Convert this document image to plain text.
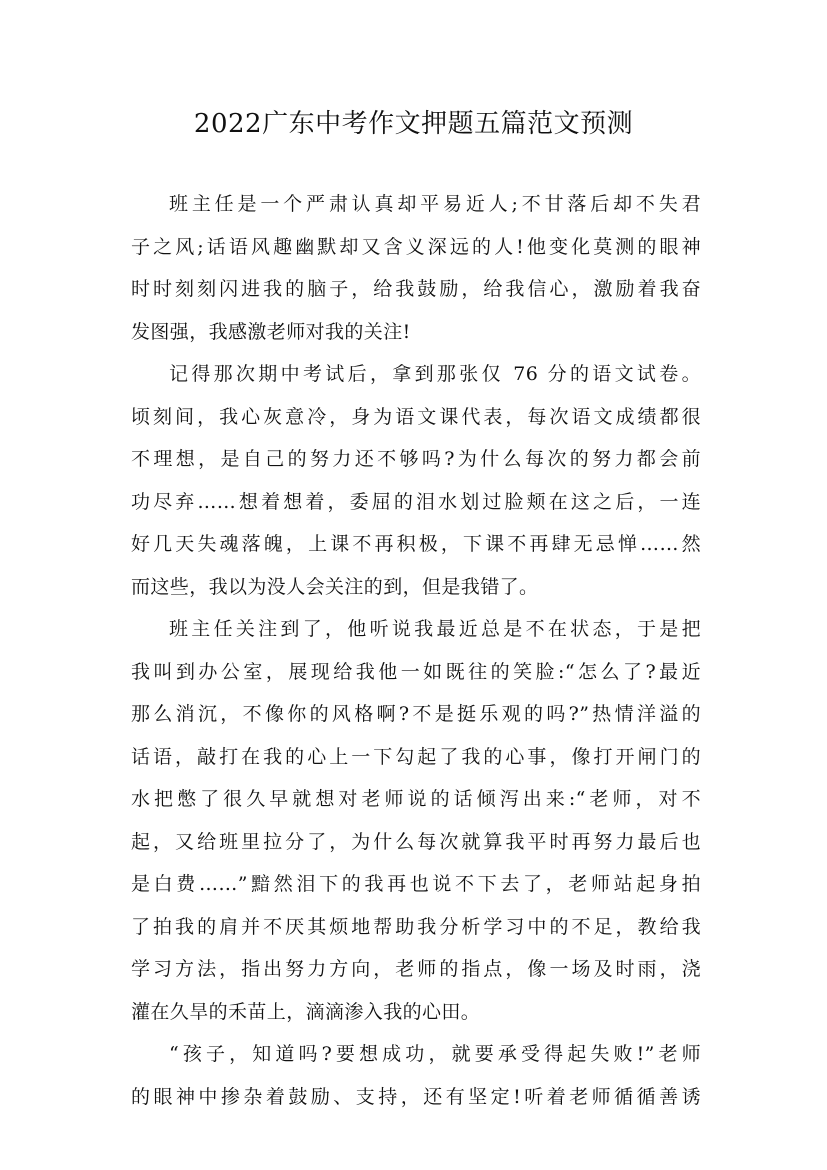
2022广东中考作文押题五篇范文预测
班主任是一个严肃认真却平易近人;不甘落后却不失君
子之风;话语风趣幽默却又含义深远的人!他变化莫测的眼神
时时刻刻闪进我的脑子，给我鼓励，给我信心，激励着我奋
发图强，我感激老师对我的关注!
记得那次期中考试后，拿到那张仅 76 分的语文试卷。
顷刻间，我心灰意冷，身为语文课代表，每次语文成绩都很
不理想，是自己的努力还不够吗?为什么每次的努力都会前
功尽弃……想着想着，委屈的泪水划过脸颊在这之后，一连
好几天失魂落魄，上课不再积极，下课不再肆无忌惮……然
而这些，我以为没人会关注的到，但是我错了。
班主任关注到了，他听说我最近总是不在状态，于是把
我叫到办公室，展现给我他一如既往的笑脸:“怎么了?最近
那么消沉，不像你的风格啊?不是挺乐观的吗?”热情洋溢的
话语，敲打在我的心上一下勾起了我的心事，像打开闸门的
水把憋了很久早就想对老师说的话倾泻出来:“老师，对不
起，又给班里拉分了，为什么每次就算我平时再努力最后也
是白费……”黯然泪下的我再也说不下去了，老师站起身拍
了拍我的肩并不厌其烦地帮助我分析学习中的不足，教给我
学习方法，指出努力方向，老师的指点，像一场及时雨，浇
灌在久旱的禾苗上，滴滴渗入我的心田。
“孩子，知道吗?要想成功，就要承受得起失败!”老师
的眼神中掺杂着鼓励、支持，还有坚定!听着老师循循善诱
